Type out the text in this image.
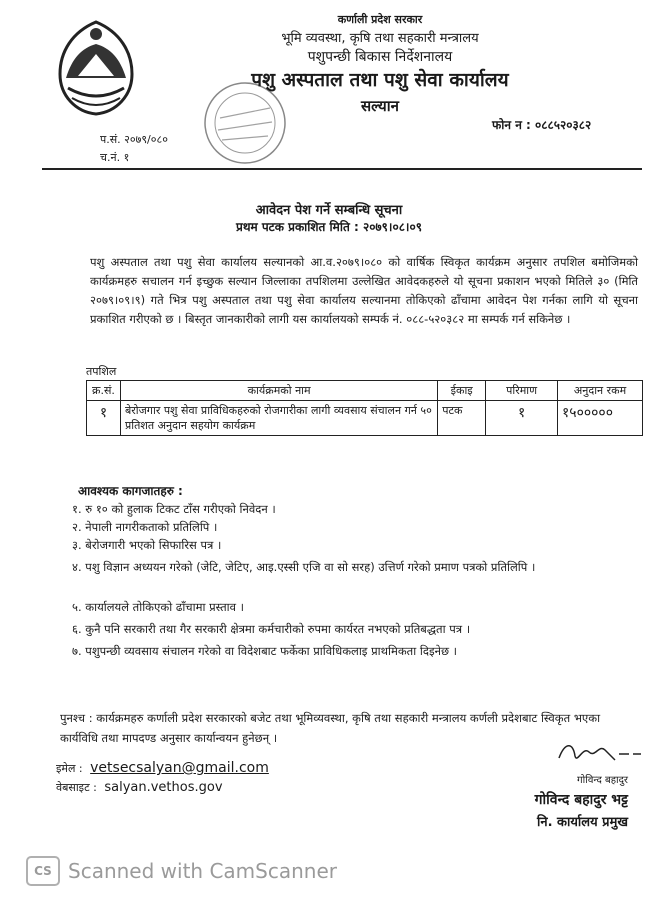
कर्णाली प्रदेश सरकार
भूमि व्यवस्था, कृषि तथा सहकारी मन्त्रालय
पशुपन्छी बिकास निर्देशनालय
पशु अस्पताल तथा पशु सेवा कार्यालय
सल्यान
फोन न : ०८८५२०३८२
प.सं. २०७९/०८०
च.नं. १
आवेदन पेश गर्ने सम्बन्धि सूचना
प्रथम पटक प्रकाशित मिति : २०७९।०८।०९
पशु अस्पताल तथा पशु सेवा कार्यालय सल्यानको आ.व.२०७९।०८० को वार्षिक स्विकृत कार्यक्रम अनुसार तपशिल बमोजिमको कार्यक्रमहरु सचालन गर्न इच्छुक सल्यान जिल्लाका तपशिलमा उल्लेखित आवेदकहरुले यो सूचना प्रकाशन भएको मितिले ३० (मिति २०७९।०९।९) गते भित्र पशु अस्पताल तथा पशु सेवा कार्यालय सल्यानमा तोकिएको ढाँचामा आवेदन पेश गर्नका लागि यो सूचना प्रकाशित गरीएको छ । बिस्तृत जानकारीको लागी यस कार्यालयको सम्पर्क नं. ०८८-५२०३८२ मा सम्पर्क गर्न सकिनेछ ।
तपशिल
क्र.सं.	कार्यक्रमको नाम	ईकाइ	परिमाण	अनुदान रकम
१	बेरोजगार पशु सेवा प्राविधिकहरुको रोजगारीका लागी व्यवसाय संचालन गर्न ५० प्रतिशत अनुदान सहयोग कार्यक्रम	पटक	१	१५०००००
आवश्यक कागजातहरु :
१. रु १० को हुलाक टिकट टाँस गरीएको निवेदन ।
२. नेपाली नागरीकताको प्रतिलिपि ।
३. बेरोजगारी भएको सिफारिस पत्र ।
४. पशु विज्ञान अध्ययन गरेको (जेटि, जेटिए, आइ.एस्सी एजि वा सो सरह) उत्तिर्ण गरेको प्रमाण पत्रको प्रतिलिपि ।
५. कार्यालयले तोकिएको ढाँचामा प्रस्ताव ।
६. कुनै पनि सरकारी तथा गैर सरकारी क्षेत्रमा कर्मचारीको रुपमा कार्यरत नभएको प्रतिबद्धता पत्र ।
७. पशुपन्छी व्यवसाय संचालन गरेको वा विदेशबाट फर्केका प्राविधिकलाइ प्राथमिकता दिइनेछ ।
पुनश्च : कार्यक्रमहरु कर्णाली प्रदेश सरकारको बजेट तथा भूमिव्यवस्था, कृषि तथा सहकारी मन्त्रालय कर्णली प्रदेशबाट स्विकृत भएका कार्यविधि तथा मापदण्ड अनुसार कार्यान्वयन हुनेछन् ।
इमेल : vetsecsalyan@gmail.com
वेबसाइट : salyan.vethos.gov	गोविन्द बहादुर
गोविन्द बहादुर भट्ट
नि. कार्यालय प्रमुख
CS Scanned with CamScanner
